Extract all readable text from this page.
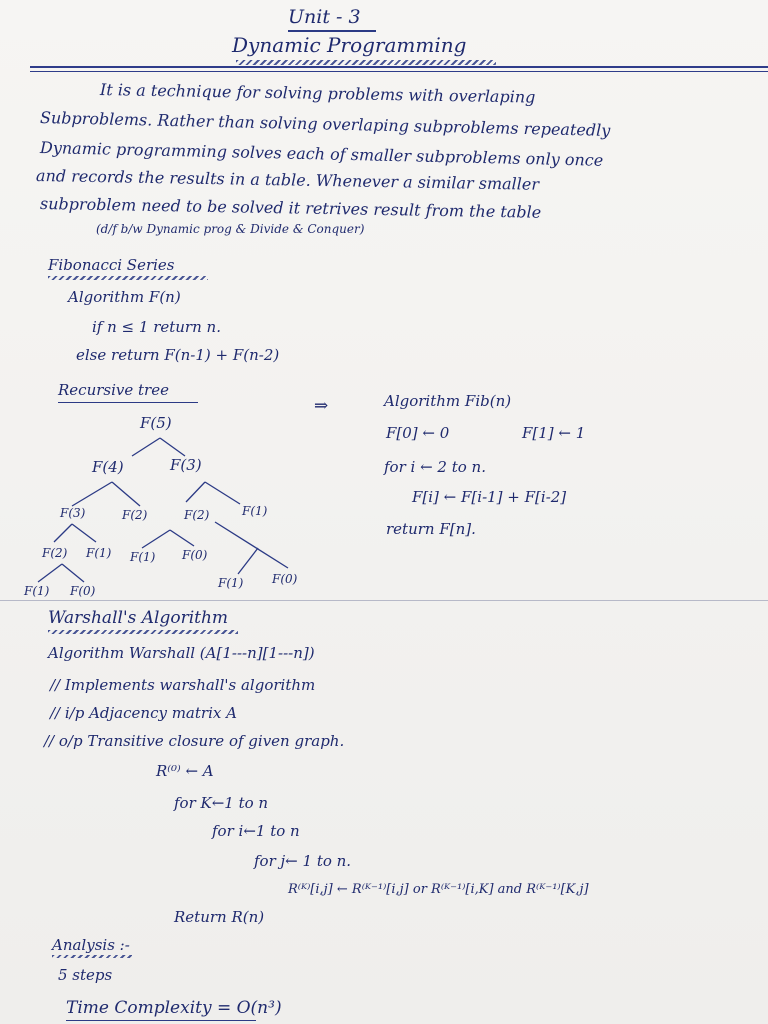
Unit - 3
Dynamic Programming
It is a technique for solving problems with overlaping
Subproblems. Rather than solving overlaping subproblems repeatedly
Dynamic programming solves each of smaller subproblems only once
and records the results in a table. Whenever a similar smaller
subproblem need to be solved it retrives result from the table
(d/f b/w Dynamic prog & Divide & Conquer)
Fibonacci Series
Algorithm F(n)
if n ≤ 1 return n.
else return F(n-1) + F(n-2)
Recursive tree
⇒
F(5)
F(4)	F(3)
F(3)	F(2)	F(2)	F(1)
F(2) F(1) F(1) F(0)
F(1) F(0)
F(1) F(0)
Algorithm Fib(n)
F[0] ← 0	F[1] ← 1
for i ← 2 to n.
F[i] ← F[i-1] + F[i-2]
return F[n].
Warshall's Algorithm
Algorithm Warshall (A[1---n][1---n])
// Implements warshall's algorithm
// i/p Adjacency matrix A
// o/p Transitive closure of given graph.
R⁽⁰⁾ ← A
for K←1 to n
for i←1 to n
for j← 1 to n.
R⁽ᴷ⁾[i,j] ← R⁽ᴷ⁻¹⁾[i,j] or R⁽ᴷ⁻¹⁾[i,K] and R⁽ᴷ⁻¹⁾[K,j]
Return R(n)
Analysis :-
5 steps
Time Complexity = O(n³)
